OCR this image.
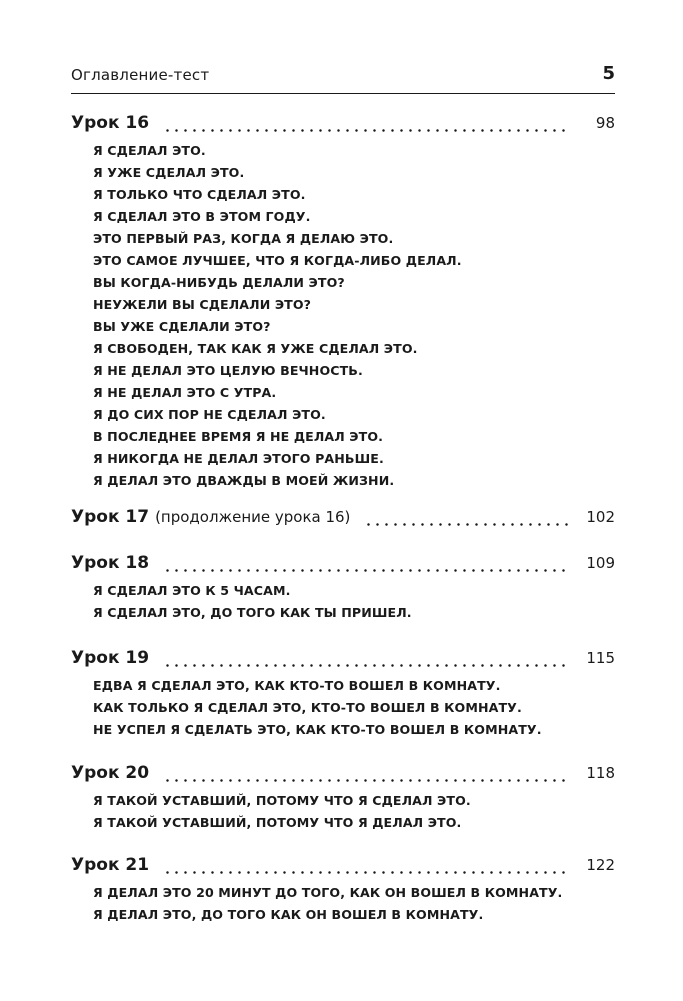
Оглавление-тест	5
Урок 16	98
Я СДЕЛАЛ ЭТО.
Я УЖЕ СДЕЛАЛ ЭТО.
Я ТОЛЬКО ЧТО СДЕЛАЛ ЭТО.
Я СДЕЛАЛ ЭТО В ЭТОМ ГОДУ.
ЭТО ПЕРВЫЙ РАЗ, КОГДА Я ДЕЛАЮ ЭТО.
ЭТО САМОЕ ЛУЧШЕЕ, ЧТО Я КОГДА-ЛИБО ДЕЛАЛ.
ВЫ КОГДА-НИБУДЬ ДЕЛАЛИ ЭТО?
НЕУЖЕЛИ ВЫ СДЕЛАЛИ ЭТО?
ВЫ УЖЕ СДЕЛАЛИ ЭТО?
Я СВОБОДЕН, ТАК КАК Я УЖЕ СДЕЛАЛ ЭТО.
Я НЕ ДЕЛАЛ ЭТО ЦЕЛУЮ ВЕЧНОСТЬ.
Я НЕ ДЕЛАЛ ЭТО С УТРА.
Я ДО СИХ ПОР НЕ СДЕЛАЛ ЭТО.
В ПОСЛЕДНЕЕ ВРЕМЯ Я НЕ ДЕЛАЛ ЭТО.
Я НИКОГДА НЕ ДЕЛАЛ ЭТОГО РАНЬШЕ.
Я ДЕЛАЛ ЭТО ДВАЖДЫ В МОЕЙ ЖИЗНИ.
Урок 17 (продолжение урока 16)	102
Урок 18	109
Я СДЕЛАЛ ЭТО К 5 ЧАСАМ.
Я СДЕЛАЛ ЭТО, ДО ТОГО КАК ТЫ ПРИШЕЛ.
Урок 19	115
ЕДВА Я СДЕЛАЛ ЭТО, КАК КТО-ТО ВОШЕЛ В КОМНАТУ.
КАК ТОЛЬКО Я СДЕЛАЛ ЭТО, КТО-ТО ВОШЕЛ В КОМНАТУ.
НЕ УСПЕЛ Я СДЕЛАТЬ ЭТО, КАК КТО-ТО ВОШЕЛ В КОМНАТУ.
Урок 20	118
Я ТАКОЙ УСТАВШИЙ, ПОТОМУ ЧТО Я СДЕЛАЛ ЭТО.
Я ТАКОЙ УСТАВШИЙ, ПОТОМУ ЧТО Я ДЕЛАЛ ЭТО.
Урок 21	122
Я ДЕЛАЛ ЭТО 20 МИНУТ ДО ТОГО, КАК ОН ВОШЕЛ В КОМНАТУ.
Я ДЕЛАЛ ЭТО, ДО ТОГО КАК ОН ВОШЕЛ В КОМНАТУ.
